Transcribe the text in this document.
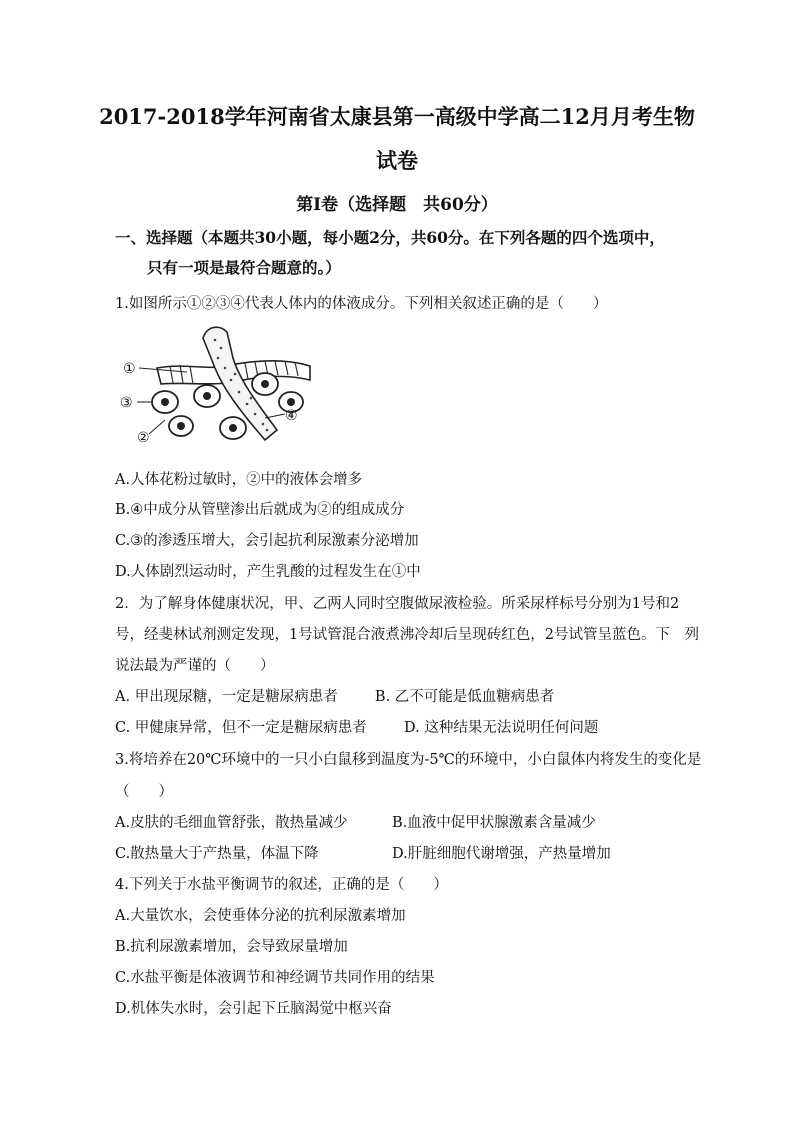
2017-2018学年河南省太康县第一高级中学高二12月月考生物
试卷
第Ⅰ卷（选择题　共60分）
一、选择题（本题共30小题，每小题2分，共60分。在下列各题的四个选项中，
只有一项是最符合题意的。）
1.如图所示①②③④代表人体内的体液成分。下列相关叙述正确的是（　　）
①
③
②
④
A.人体花粉过敏时，②中的液体会增多
B.④中成分从管壁渗出后就成为②的组成成分
C.③的渗透压增大，会引起抗利尿激素分泌增加
D.人体剧烈运动时，产生乳酸的过程发生在①中
2．为了解身体健康状况，甲、乙两人同时空腹做尿液检验。所采尿样标号分别为1号和2
号，经斐林试剂测定发现，1号试管混合液煮沸冷却后呈现砖红色，2号试管呈蓝色。下　列
说法最为严谨的（　　）
A. 甲出现尿糖，一定是糖尿病患者	B. 乙不可能是低血糖病患者
C. 甲健康异常，但不一定是糖尿病患者	D. 这种结果无法说明任何问题
3.将培养在20℃环境中的一只小白鼠移到温度为-5℃的环境中，小白鼠体内将发生的变化是
（　　）
A.皮肤的毛细血管舒张，散热量减少	B.血液中促甲状腺激素含量减少
C.散热量大于产热量，体温下降	D.肝脏细胞代谢增强，产热量增加
4.下列关于水盐平衡调节的叙述，正确的是（　　）
A.大量饮水，会使垂体分泌的抗利尿激素增加
B.抗利尿激素增加，会导致尿量增加
C.水盐平衡是体液调节和神经调节共同作用的结果
D.机体失水时，会引起下丘脑渴觉中枢兴奋
